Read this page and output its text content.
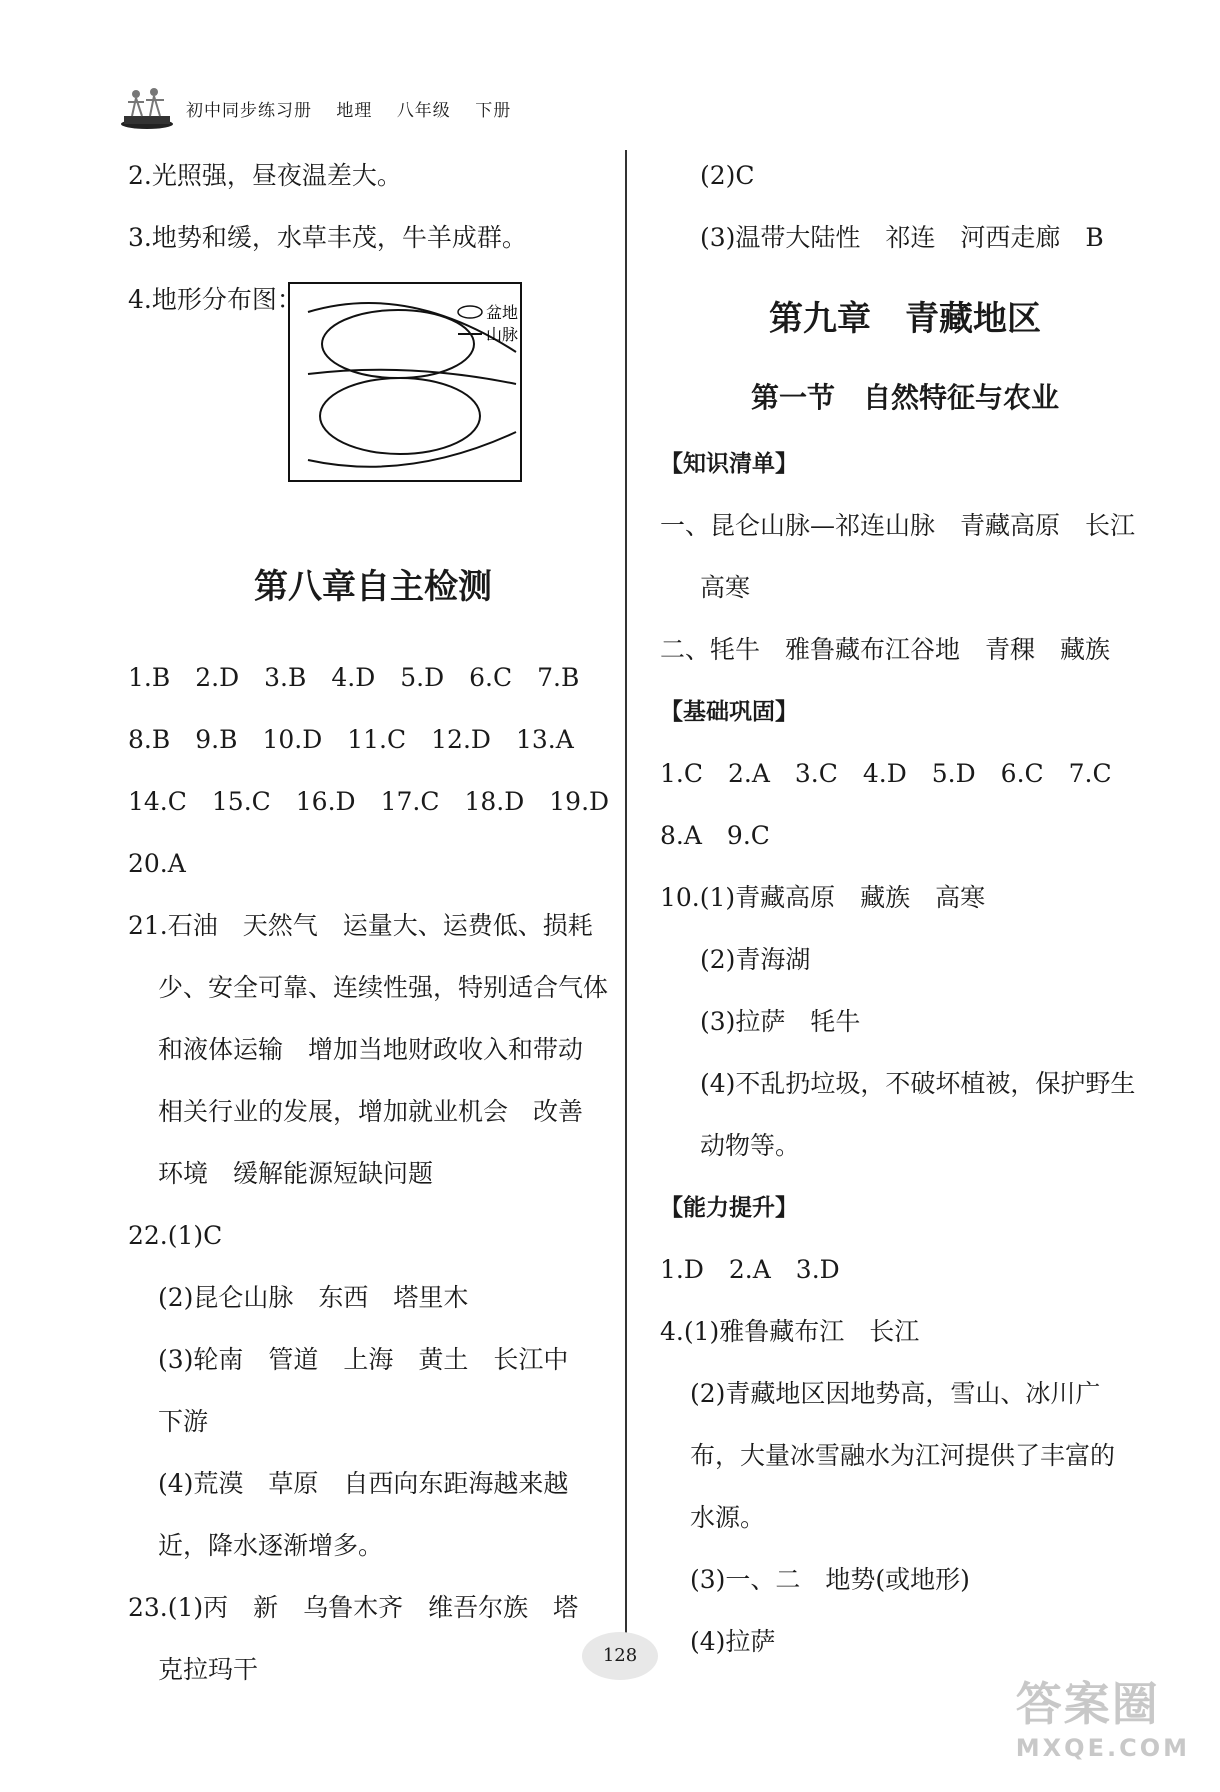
初中同步练习册 地理 八年级 下册
2.光照强，昼夜温差大。
3.地势和缓，水草丰茂，牛羊成群。
4.地形分布图：
第八章自主检测
1.B　2.D　3.B　4.D　5.D　6.C　7.B
8.B　9.B　10.D　11.C　12.D　13.A
14.C　15.C　16.D　17.C　18.D　19.D
20.A
21.石油　天然气　运量大、运费低、损耗
少、安全可靠、连续性强，特别适合气体
和液体运输　增加当地财政收入和带动
相关行业的发展，增加就业机会　改善
环境　缓解能源短缺问题
22.(1)C
(2)昆仑山脉　东西　塔里木
(3)轮南　管道　上海　黄土　长江中
下游
(4)荒漠　草原　自西向东距海越来越
近，降水逐渐增多。
23.(1)丙　新　乌鲁木齐　维吾尔族　塔
克拉玛干
盆地
山脉
(2)C
(3)温带大陆性　祁连　河西走廊　B
第九章　青藏地区
第一节　自然特征与农业
【知识清单】
一、昆仑山脉—祁连山脉　青藏高原　长江
高寒
二、牦牛　雅鲁藏布江谷地　青稞　藏族
【基础巩固】
1.C　2.A　3.C　4.D　5.D　6.C　7.C
8.A　9.C
10.(1)青藏高原　藏族　高寒
(2)青海湖
(3)拉萨　牦牛
(4)不乱扔垃圾，不破坏植被，保护野生
动物等。
【能力提升】
1.D　2.A　3.D
4.(1)雅鲁藏布江　长江
(2)青藏地区因地势高，雪山、冰川广
布，大量冰雪融水为江河提供了丰富的
水源。
(3)一、二　地势(或地形)
(4)拉萨
128
答案圈
MXQE.COM
